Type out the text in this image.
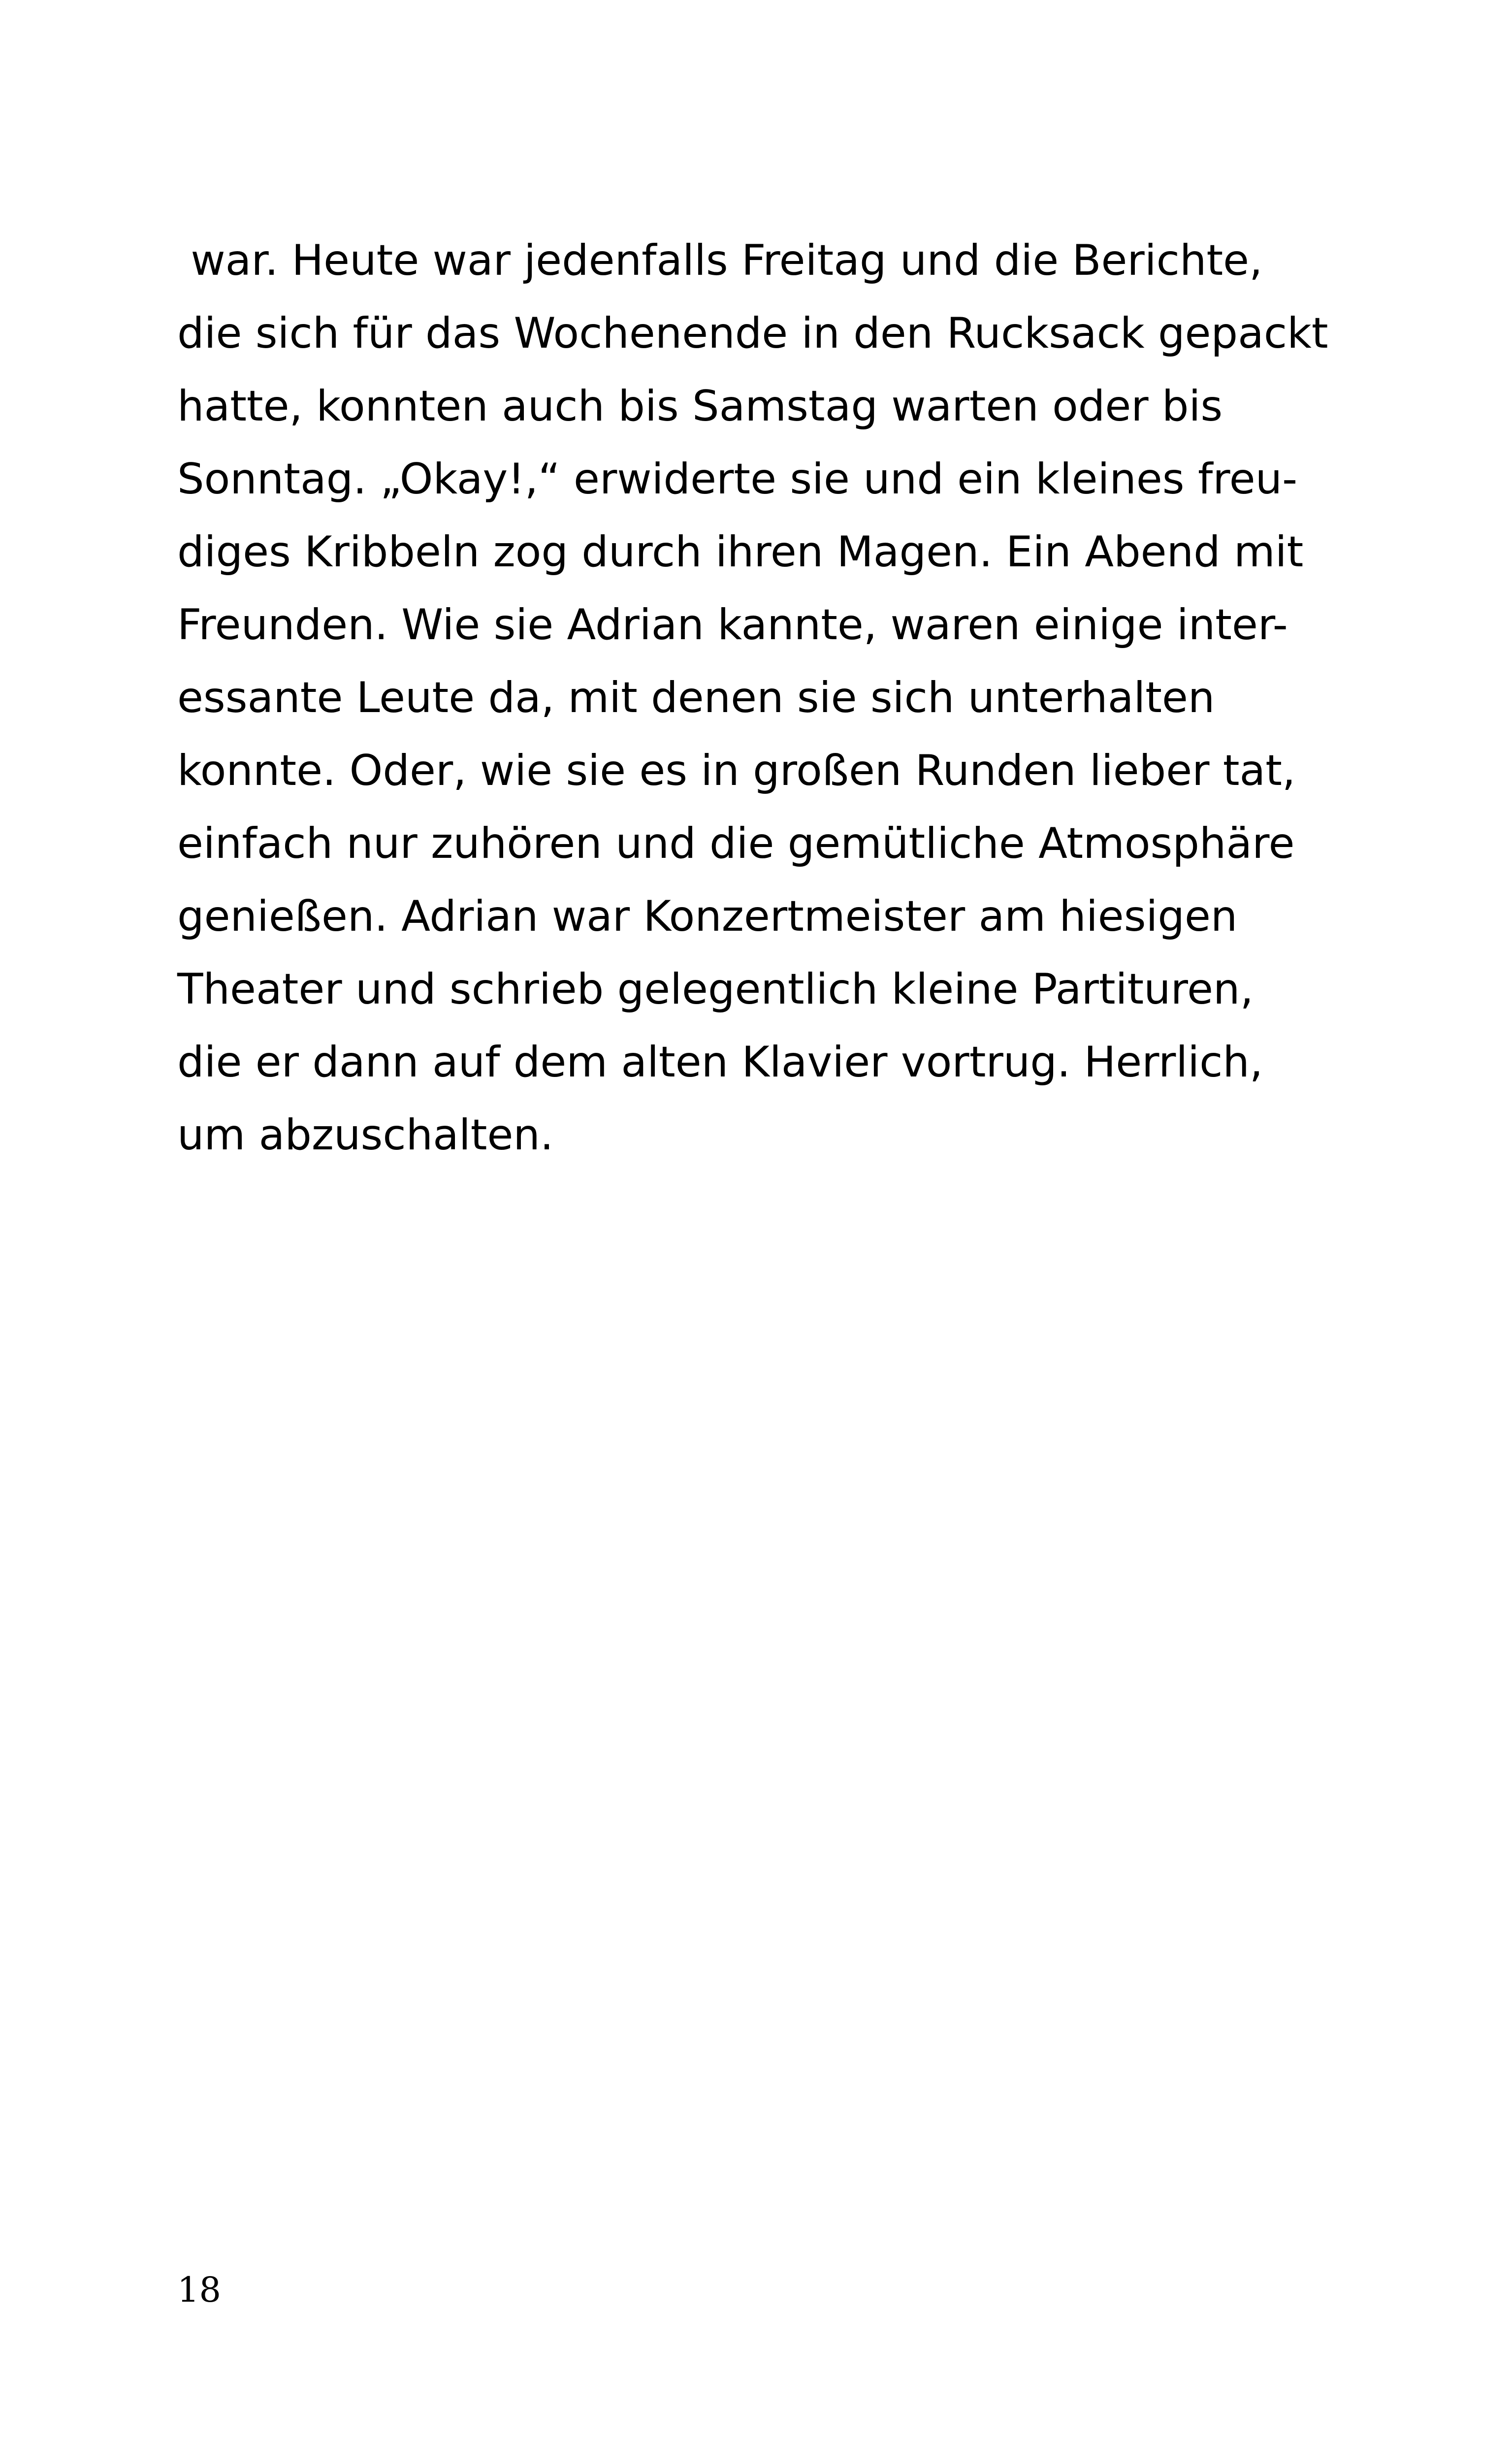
war. Heute war jedenfalls Freitag und die Berichte,
die sich für das Wochenende in den Rucksack gepackt
hatte, konnten auch bis Samstag warten oder bis
Sonntag. „Okay!,“ erwiderte sie und ein kleines freu-
diges Kribbeln zog durch ihren Magen. Ein Abend mit
Freunden. Wie sie Adrian kannte, waren einige inter-
essante Leute da, mit denen sie sich unterhalten
konnte. Oder, wie sie es in großen Runden lieber tat,
einfach nur zuhören und die gemütliche Atmosphäre
genießen. Adrian war Konzertmeister am hiesigen
Theater und schrieb gelegentlich kleine Partituren,
die er dann auf dem alten Klavier vortrug. Herrlich,
um abzuschalten.
18
